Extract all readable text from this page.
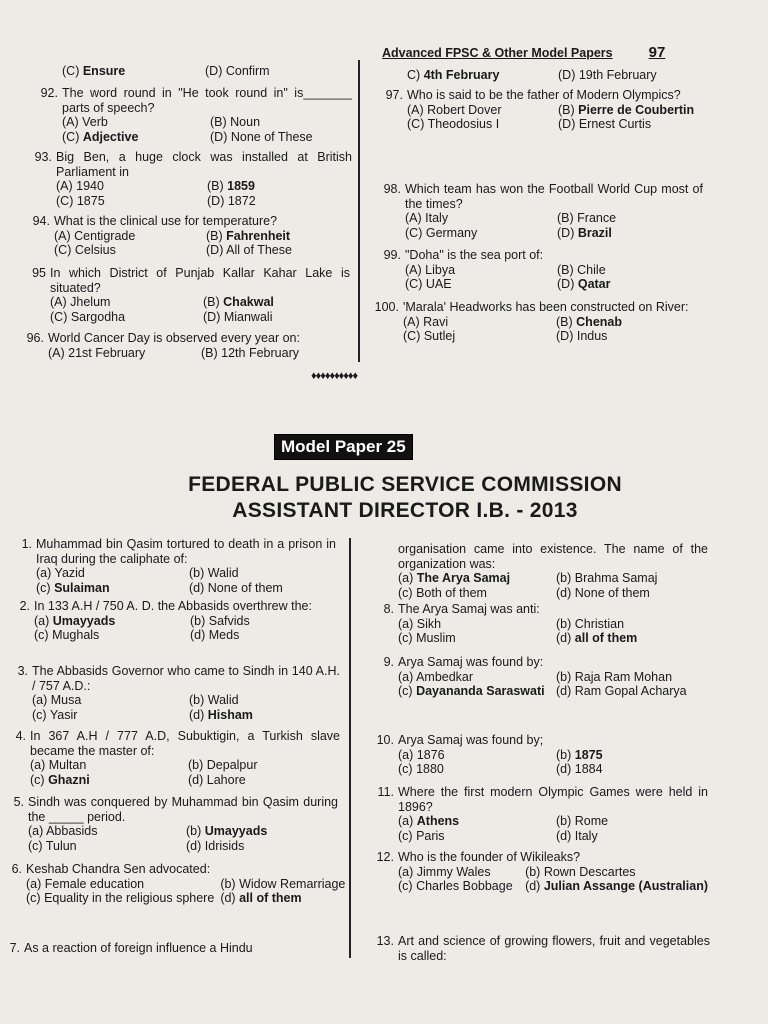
Advanced FPSC & Other Model Papers 97
(C) Ensure	(D) Confirm
92. The word round in "He took round in" is_______ parts of speech?
(A) Verb	(B) Noun
(C) Adjective	(D) None of These
93. Big Ben, a huge clock was installed at British Parliament in
(A) 1940	(B) 1859
(C) 1875	(D) 1872
94. What is the clinical use for temperature?
(A) Centigrade	(B) Fahrenheit
(C) Celsius	(D) All of These
95 In which District of Punjab Kallar Kahar Lake is situated?
(A) Jhelum	(B) Chakwal
(C) Sargodha	(D) Mianwali
96. World Cancer Day is observed every year on:
(A) 21st February	(B) 12th February
C) 4th February	(D) 19th February
97. Who is said to be the father of Modern Olympics?
(A) Robert Dover	(B) Pierre de Coubertin
(C) Theodosius I	(D) Ernest Curtis
98. Which team has won the Football World Cup most of the times?
(A) Italy	(B) France
(C) Germany	(D) Brazil
99. "Doha" is the sea port of:
(A) Libya	(B) Chile
(C) UAE	(D) Qatar
100. 'Marala' Headworks has been constructed on River:
(A) Ravi	(B) Chenab
(C) Sutlej	(D) Indus
♦♦♦♦♦♦♦♦♦♦
Model Paper 25
FEDERAL PUBLIC SERVICE COMMISSION
ASSISTANT DIRECTOR I.B. - 2013
1. Muhammad bin Qasim tortured to death in a prison in Iraq during the caliphate of:
(a) Yazid	(b) Walid
(c) Sulaiman	(d) None of them
2. In 133 A.H / 750 A. D. the Abbasids overthrew the:
(a) Umayyads	(b) Safvids
(c) Mughals	(d) Meds
3. The Abbasids Governor who came to Sindh in 140 A.H. / 757 A.D.:
(a) Musa	(b) Walid
(c) Yasir	(d) Hisham
4. In 367 A.H / 777 A.D, Subuktigin, a Turkish slave became the master of:
(a) Multan	(b) Depalpur
(c) Ghazni	(d) Lahore
5. Sindh was conquered by Muhammad bin Qasim during the _____ period.
(a) Abbasids	(b) Umayyads
(c) Tulun	(d) Idrisids
6. Keshab Chandra Sen advocated:
(a) Female education	(b) Widow Remarriage
(c) Equality in the religious sphere (d) all of them
7. As a reaction of foreign influence a Hindu
organisation came into existence. The name of the organization was:
(a) The Arya Samaj	(b) Brahma Samaj
(c) Both of them	(d) None of them
8. The Arya Samaj was anti:
(a) Sikh	(b) Christian
(c) Muslim	(d) all of them
9. Arya Samaj was found by:
(a) Ambedkar	(b) Raja Ram Mohan
(c) Dayananda Saraswati (d) Ram Gopal Acharya
10. Arya Samaj was found by;
(a) 1876	(b) 1875
(c) 1880	(d) 1884
11. Where the first modern Olympic Games were held in 1896?
(a) Athens	(b) Rome
(c) Paris	(d) Italy
12. Who is the founder of Wikileaks?
(a) Jimmy Wales	(b) Rown Descartes
(c) Charles Bobbage (d) Julian Assange (Australian)
13. Art and science of growing flowers, fruit and vegetables is called:
